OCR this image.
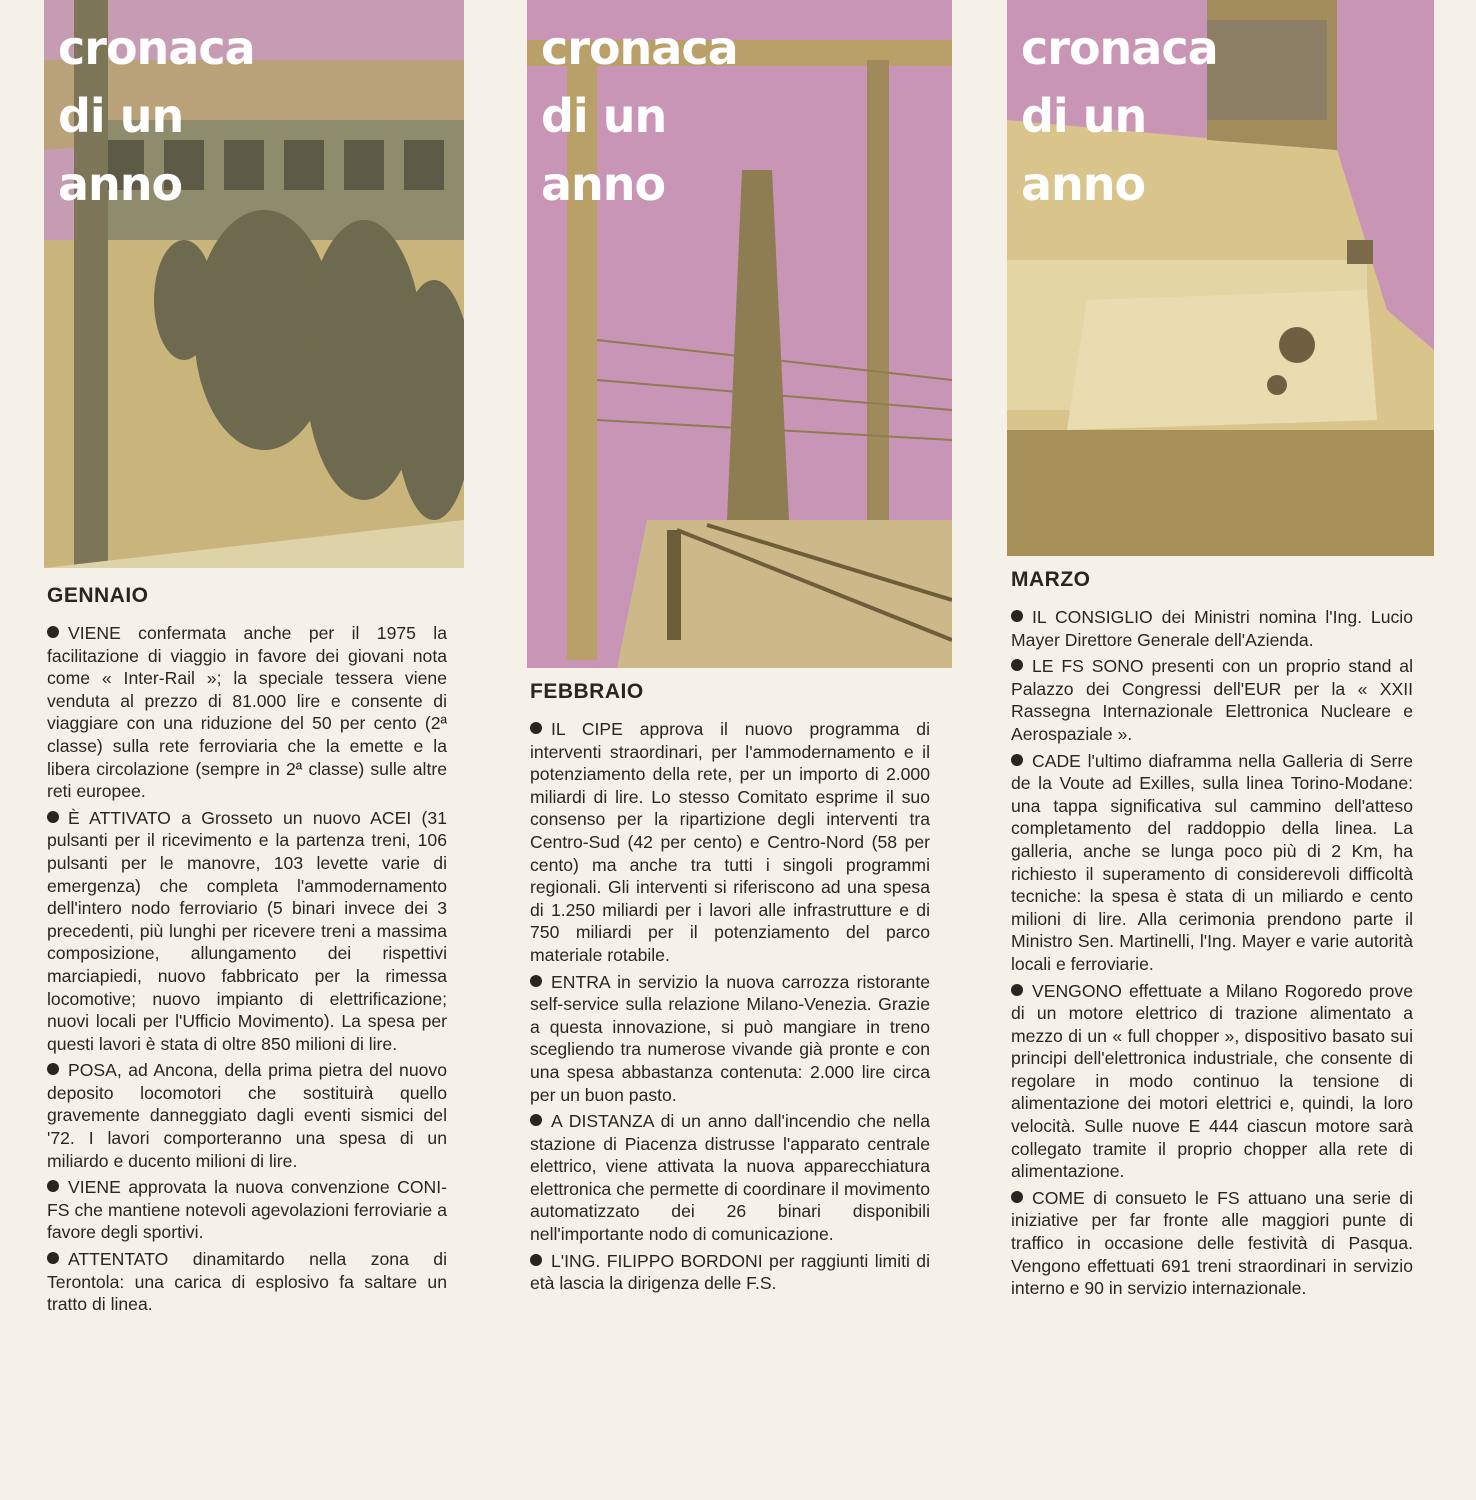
cronaca
di un
anno
GENNAIO
VIENE confermata anche per il 1975 la facilitazione di viaggio in favore dei giovani nota come « Inter-Rail »; la speciale tessera viene venduta al prezzo di 81.000 lire e consente di viaggiare con una riduzione del 50 per cento (2ª classe) sulla rete ferroviaria che la emette e la libera circolazione (sempre in 2ª classe) sulle altre reti europee.
È ATTIVATO a Grosseto un nuovo ACEI (31 pulsanti per il ricevimento e la partenza treni, 106 pulsanti per le manovre, 103 levette varie di emergenza) che completa l'ammodernamento dell'intero nodo ferroviario (5 binari invece dei 3 precedenti, più lunghi per ricevere treni a massima composizione, allungamento dei rispettivi marciapiedi, nuovo fabbricato per la rimessa locomotive; nuovo impianto di elettrificazione; nuovi locali per l'Ufficio Movimento). La spesa per questi lavori è stata di oltre 850 milioni di lire.
POSA, ad Ancona, della prima pietra del nuovo deposito locomotori che sostituirà quello gravemente danneggiato dagli eventi sismici del '72. I lavori comporteranno una spesa di un miliardo e ducento milioni di lire.
VIENE approvata la nuova convenzione CONI-FS che mantiene notevoli agevolazioni ferroviarie a favore degli sportivi.
ATTENTATO dinamitardo nella zona di Terontola: una carica di esplosivo fa saltare un tratto di linea.
cronaca
di un
anno
FEBBRAIO
IL CIPE approva il nuovo programma di interventi straordinari, per l'ammodernamento e il potenziamento della rete, per un importo di 2.000 miliardi di lire. Lo stesso Comitato esprime il suo consenso per la ripartizione degli interventi tra Centro-Sud (42 per cento) e Centro-Nord (58 per cento) ma anche tra tutti i singoli programmi regionali. Gli interventi si riferiscono ad una spesa di 1.250 miliardi per i lavori alle infrastrutture e di 750 miliardi per il potenziamento del parco materiale rotabile.
ENTRA in servizio la nuova carrozza ristorante self-service sulla relazione Milano-Venezia. Grazie a questa innovazione, si può mangiare in treno scegliendo tra numerose vivande già pronte e con una spesa abbastanza contenuta: 2.000 lire circa per un buon pasto.
A DISTANZA di un anno dall'incendio che nella stazione di Piacenza distrusse l'apparato centrale elettrico, viene attivata la nuova apparecchiatura elettronica che permette di coordinare il movimento automatizzato dei 26 binari disponibili nell'importante nodo di comunicazione.
L'ING. FILIPPO BORDONI per raggiunti limiti di età lascia la dirigenza delle F.S.
cronaca
di un
anno
MARZO
IL CONSIGLIO dei Ministri nomina l'Ing. Lucio Mayer Direttore Generale dell'Azienda.
LE FS SONO presenti con un proprio stand al Palazzo dei Congressi dell'EUR per la « XXII Rassegna Internazionale Elettronica Nucleare e Aerospaziale ».
CADE l'ultimo diaframma nella Galleria di Serre de la Voute ad Exilles, sulla linea Torino-Modane: una tappa significativa sul cammino dell'atteso completamento del raddoppio della linea. La galleria, anche se lunga poco più di 2 Km, ha richiesto il superamento di considerevoli difficoltà tecniche: la spesa è stata di un miliardo e cento milioni di lire. Alla cerimonia prendono parte il Ministro Sen. Martinelli, l'Ing. Mayer e varie autorità locali e ferroviarie.
VENGONO effettuate a Milano Rogoredo prove di un motore elettrico di trazione alimentato a mezzo di un « full chopper », dispositivo basato sui principi dell'elettronica industriale, che consente di regolare in modo continuo la tensione di alimentazione dei motori elettrici e, quindi, la loro velocità. Sulle nuove E 444 ciascun motore sarà collegato tramite il proprio chopper alla rete di alimentazione.
COME di consueto le FS attuano una serie di iniziative per far fronte alle maggiori punte di traffico in occasione delle festività di Pasqua. Vengono effettuati 691 treni straordinari in servizio interno e 90 in servizio internazionale.
